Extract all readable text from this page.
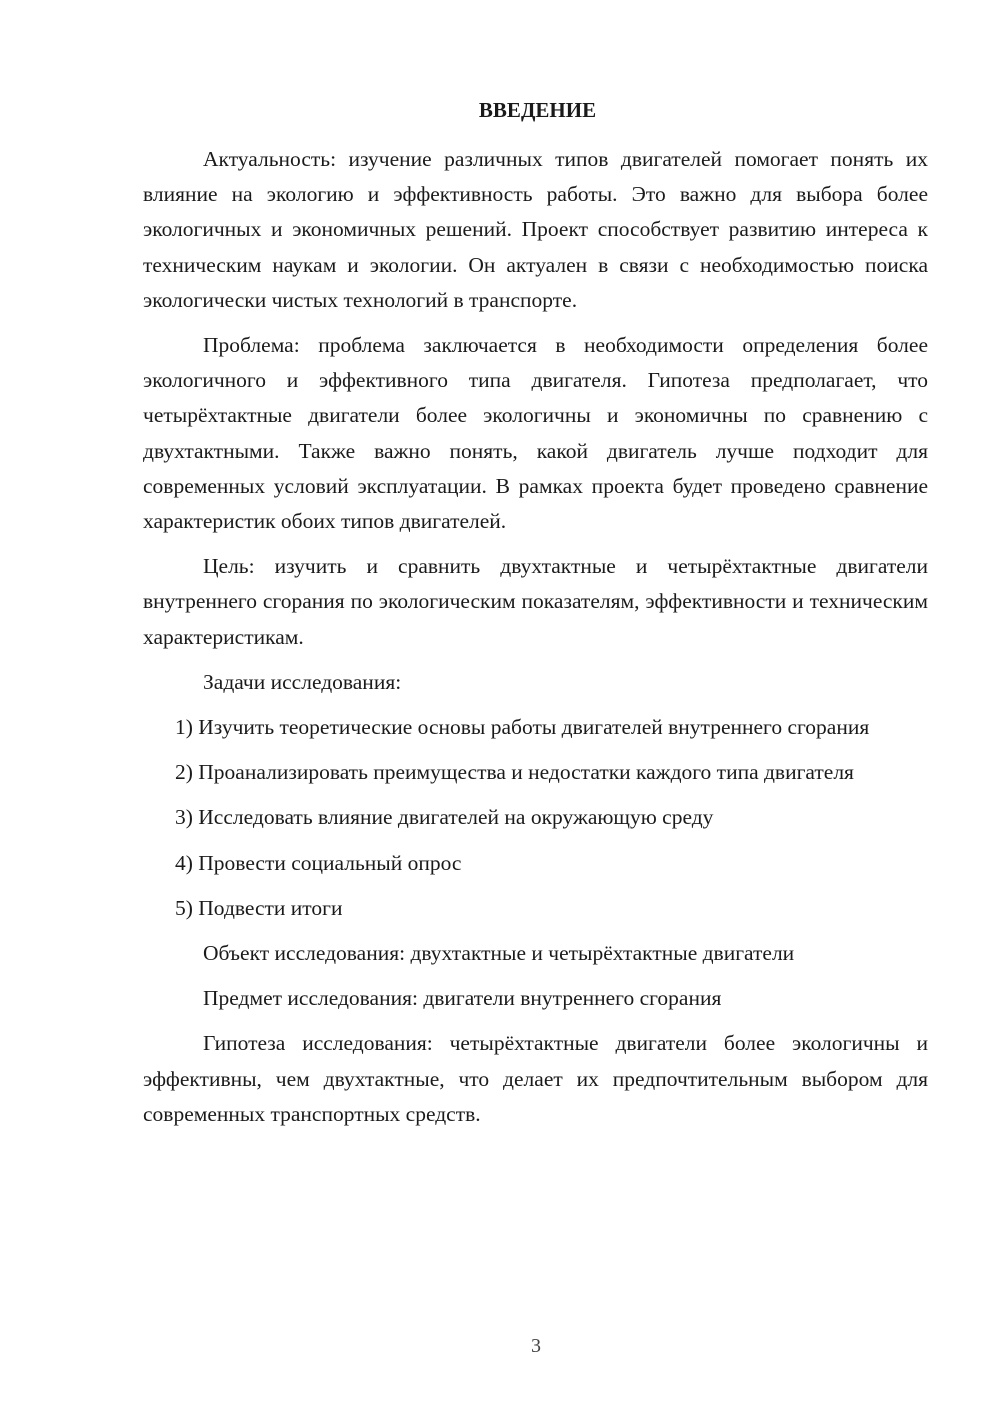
ВВЕДЕНИЕ

Актуальность: изучение различных типов двигателей помогает понять их влияние на экологию и эффективность работы. Это важно для выбора более экологичных и экономичных решений. Проект способствует развитию интереса к техническим наукам и экологии. Он актуален в связи с необходимостью поиска экологически чистых технологий в транспорте.

Проблема: проблема заключается в необходимости определения более экологичного и эффективного типа двигателя. Гипотеза предполагает, что четырёхтактные двигатели более экологичны и экономичны по сравнению с двухтактными. Также важно понять, какой двигатель лучше подходит для современных условий эксплуатации. В рамках проекта будет проведено сравнение характеристик обоих типов двигателей.

Цель: изучить и сравнить двухтактные и четырёхтактные двигатели внутреннего сгорания по экологическим показателям, эффективности и техническим характеристикам.

Задачи исследования:

1) Изучить теоретические основы работы двигателей внутреннего сгорания

2) Проанализировать преимущества и недостатки каждого типа двигателя

3) Исследовать влияние двигателей на окружающую среду

4) Провести социальный опрос

5) Подвести итоги

Объект исследования: двухтактные и четырёхтактные двигатели

Предмет исследования: двигатели внутреннего сгорания

Гипотеза исследования: четырёхтактные двигатели более экологичны и эффективны, чем двухтактные, что делает их предпочтительным выбором для современных транспортных средств.

3
